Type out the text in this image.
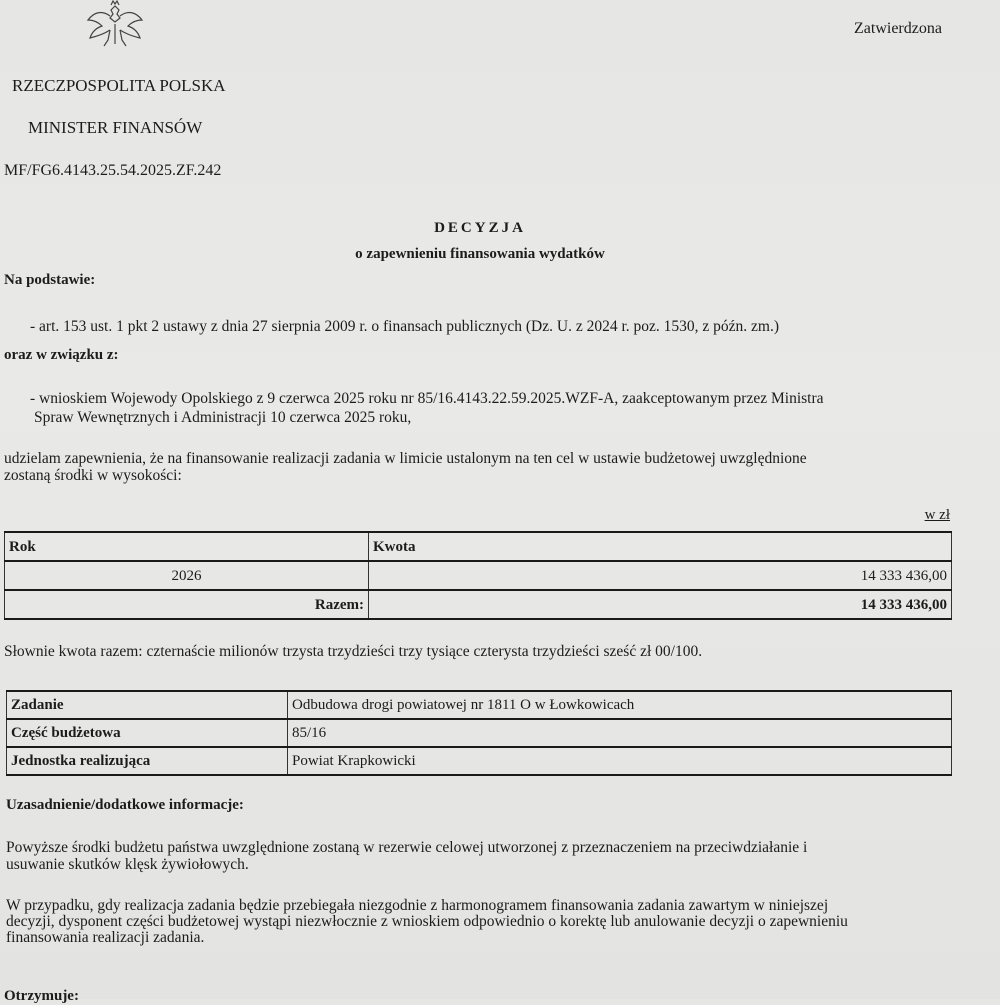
Zatwierdzona
RZECZPOSPOLITA POLSKA
MINISTER FINANSÓW
MF/FG6.4143.25.54.2025.ZF.242
DECYZJA
o zapewnieniu finansowania wydatków
Na podstawie:
- art. 153 ust. 1 pkt 2 ustawy z dnia 27 sierpnia 2009 r. o finansach publicznych (Dz. U. z 2024 r. poz. 1530, z późn. zm.)
oraz w związku z:
- wnioskiem Wojewody Opolskiego z 9 czerwca 2025 roku nr 85/16.4143.22.59.2025.WZF-A, zaakceptowanym przez Ministra
Spraw Wewnętrznych i Administracji 10 czerwca 2025 roku,
udzielam zapewnienia, że na finansowanie realizacji zadania w limicie ustalonym na ten cel w ustawie budżetowej uwzględnione
zostaną środki w wysokości:
w zł
Rok	Kwota
2026	14 333 436,00
Razem:	14 333 436,00
Słownie kwota razem: czternaście milionów trzysta trzydzieści trzy tysiące czterysta trzydzieści sześć zł 00/100.
Zadanie	Odbudowa drogi powiatowej nr 1811 O w Łowkowicach
Część budżetowa	85/16
Jednostka realizująca	Powiat Krapkowicki
Uzasadnienie/dodatkowe informacje:
Powyższe środki budżetu państwa uwzględnione zostaną w rezerwie celowej utworzonej z przeznaczeniem na przeciwdziałanie i
usuwanie skutków klęsk żywiołowych.
W przypadku, gdy realizacja zadania będzie przebiegała niezgodnie z harmonogramem finansowania zadania zawartym w niniejszej
decyzji, dysponent części budżetowej wystąpi niezwłocznie z wnioskiem odpowiednio o korektę lub anulowanie decyzji o zapewnieniu
finansowania realizacji zadania.
Otrzymuje:
